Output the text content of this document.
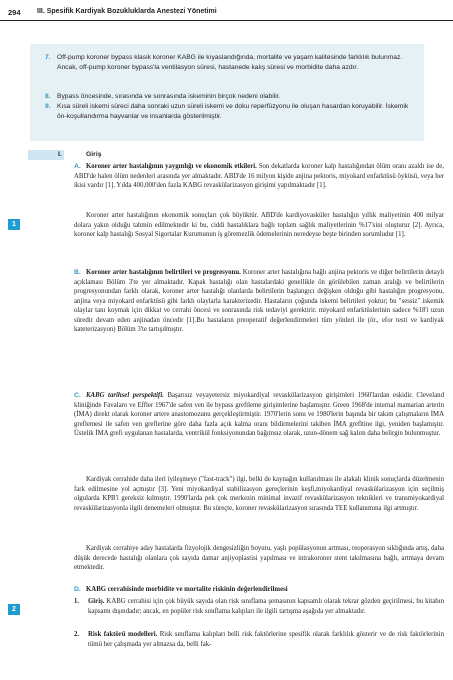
294 III. Spesifik Kardiyak Bozukluklarda Anestezi Yönetimi
7. Off-pump koroner bypass klasik koroner KABG ile kıyaslandığında, mortalite ve yaşam kalitesinde farklılık bulunmaz. Ancak, off-pump koroner bypass'la ventilasyon süresi, hastanede kalış süresi ve morbidite daha azdır.
8. Bypass öncesinde, sırasında ve sonrasında iskeminin birçok nedeni olabilir.
9. Kısa süreli iskemi süreci daha sonraki uzun süreli iskemi ve doku reperfüzyonu ile oluşan hasardan koruyabilir. İskemik ön-koşullandırma hayvanlar ve insanlarda gösterilmiştir.
I.	Giriş
1
2
A. Koroner arter hastalığının yaygınlığı ve ekonomik etkileri. Son dekatlarda koroner kalp hastalığından ölüm oranı azaldı ise de, ABD'de halen ölüm nedenleri arasında yer almaktadır. ABD'de 16 milyon kişide anjina pektoris, miyokard enfarktüsü öyküsü, veya her ikisi vardır [1]. Yılda 400,000'den fazla KABG revaskülarizasyon girişimi yapılmaktadır [1].
Koroner arter hastalığının ekonomik sonuçları çok büyüktür. ABD'de kardiyovasküler hastalığın yıllık maliyetinin 400 milyar dolara yakın olduğu tahmin edilmektedir ki bu, ciddi hastalıklara bağlı toplam sağlık maliyetlerinin %17'sini oluşturur [2]. Ayrıca, koroner kalp hastalığı Sosyal Sigortalar Kurumunun iş göremezlik ödemelerinin neredeyse beşte birinden sorumludur [1].
B. Koroner arter hastalığının belirtileri ve progresyonu. Koroner arter hastalığına bağlı anjina pektoris ve diğer belirtilerin detaylı açıklaması Bölüm 3'te yer almaktadır. Kapak hastalığı olan hastalardaki genellikle ön görülebilen zaman aralığı ve belirtilerin progresyonundan farklı olarak, koroner arter hastalığı olanlarda belirtilerin başlangıcı değişken olduğu gibi hastalığın progresyonu, anjina veya miyokard enfarktüsü gibi farklı olaylarla karakterizedir. Hastaların çoğunda iskemi belirtileri yoktur; bu "sessiz" iskemik olaylar tanı koymak için dikkat ve cerrahi öncesi ve sonrasında risk tedaviyi gerektirir. miyokard enfarktüslerinin sadece %18'i uzun süredir devam eden anjinadan öncedir [1].Bu hastaların preoperatif değerlendirmeleri tüm yönleri ile (ör., efor testi ve kardiyak kateterizasyon) Bölüm 3'te tartışılmıştır.
C. KABG tarihsel perspektifi. Başarısız veyayetersiz miyokardiyal revaskülarizasyon girişimleri 1960'lardan eskidir. Cleveland kliniğinde Favalaro ve Effler 1967'de safen ven ile bypass greftleme girişimlerine başlamıştır. Green 1968'de internal mamarian arterin (İMA) direkt olarak koroner artere anastomozunu gerçekleştirmiştir. 1970'lerin sonu ve 1980'lerin başında bir takım çalışmaların İMA greflemesi ile safen ven greflerine göre daha fazla açık kalma oranı bildirmelerini takiben İMA grefltine ilgi, yeniden başlamıştır. Üstelik İMA grefi uygulanan hastalarda, ventrikül fonksiyonundan bağımsız olarak, uzun-dönem sağ kalım daha belirgin bulunmuştur.
Kardiyak cerrahide daha ileri iyileşmeye ("fast-track") ilgi, belki de kaynağın kullanılması ile alakalı klinik sonuçlarda düzelmenin fark edilmesine yol açmıştır [3]. Yeni miyokardiyal stabilizasyon gereçlerinin keşfi,miyokardiyal revaskülarizasyon için seçilmiş olgularda KPB'i gereksiz kılmıştır. 1990'larda pek çok merkezin minimal invazif revaskülarizasyon teknikleri ve transmiyokardiyal revaskülarizasyonla ilgili denemeleri olmuştur. Bu süreçte, koroner revaskülarizasyon sırasında TEE kullanımına ilgi artmıştır.
Kardiyak cerrahiye aday hastalarda fizyolojik dengesizliğin boyutu, yaşlı popülasyonun artması, reoperasyon sıklığında artış, daha düşük derecede hastalığı olanlara çok sayıda damar anjiyoplastisi yapılması ve intrakoroner stent takılmasına bağlı, artmaya devam etmektedir.
D. KABG cerrahisinde morbidite ve mortalite riskinin değerlendirilmesi
1. Giriş. KABG cerrahisi için çok büyük sayıda olan risk sınıflama şemasının kapsamlı olarak tekrar gözden geçirilmesi, bu kitabın kapsamı dışındadır; ancak, en popüler risk sınıflama kalıpları ile ilgili tartışma aşağıda yer almaktadır.
2. Risk faktörü modelleri. Risk sınıflama kalıpları belli risk faktörlerine spesifik olarak farklılık gösterir ve de risk faktörlerinin tümü her çalışmada yer almazsa da, belli fak-
